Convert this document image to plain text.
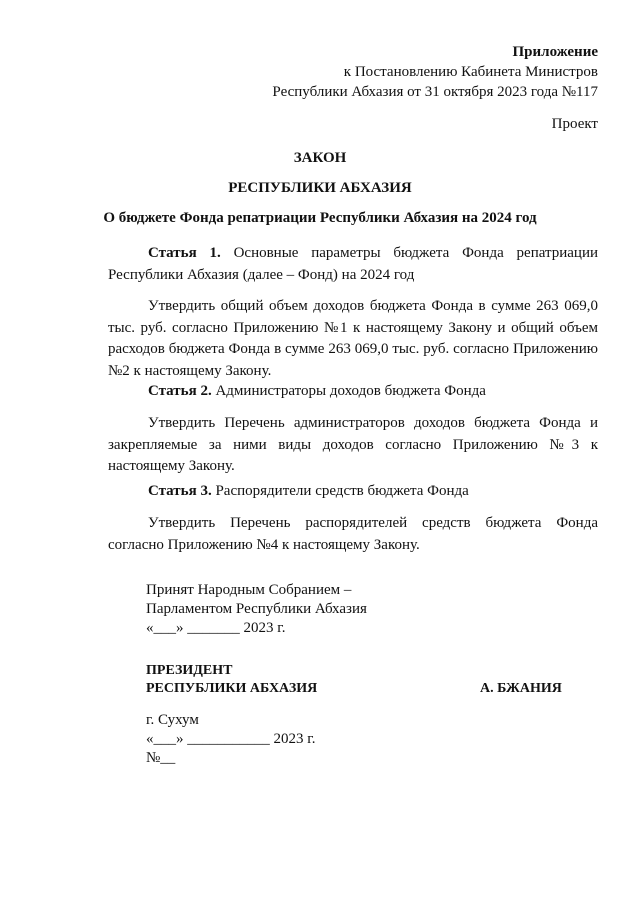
Приложение
к Постановлению Кабинета Министров
Республики Абхазия от 31 октября 2023 года №117
Проект
ЗАКОН
РЕСПУБЛИКИ АБХАЗИЯ
О бюджете Фонда репатриации Республики Абхазия на 2024 год
Статья 1. Основные параметры бюджета Фонда репатриации Республики Абхазия (далее – Фонд) на 2024 год
Утвердить общий объем доходов бюджета Фонда в сумме 263 069,0 тыс. руб. согласно Приложению №1 к настоящему Закону и общий объем расходов бюджета Фонда в сумме 263 069,0 тыс. руб. согласно Приложению №2 к настоящему Закону.
Статья 2. Администраторы доходов бюджета Фонда
Утвердить Перечень администраторов доходов бюджета Фонда и закрепляемые за ними виды доходов согласно Приложению №3 к настоящему Закону.
Статья 3. Распорядители средств бюджета Фонда
Утвердить Перечень распорядителей средств бюджета Фонда согласно Приложению №4 к настоящему Закону.
Принят Народным Собранием –
Парламентом Республики Абхазия
«___» _______ 2023 г.
ПРЕЗИДЕНТ
РЕСПУБЛИКИ АБХАЗИЯ	А. БЖАНИЯ
г. Сухум
«___» ___________ 2023 г.
№__
